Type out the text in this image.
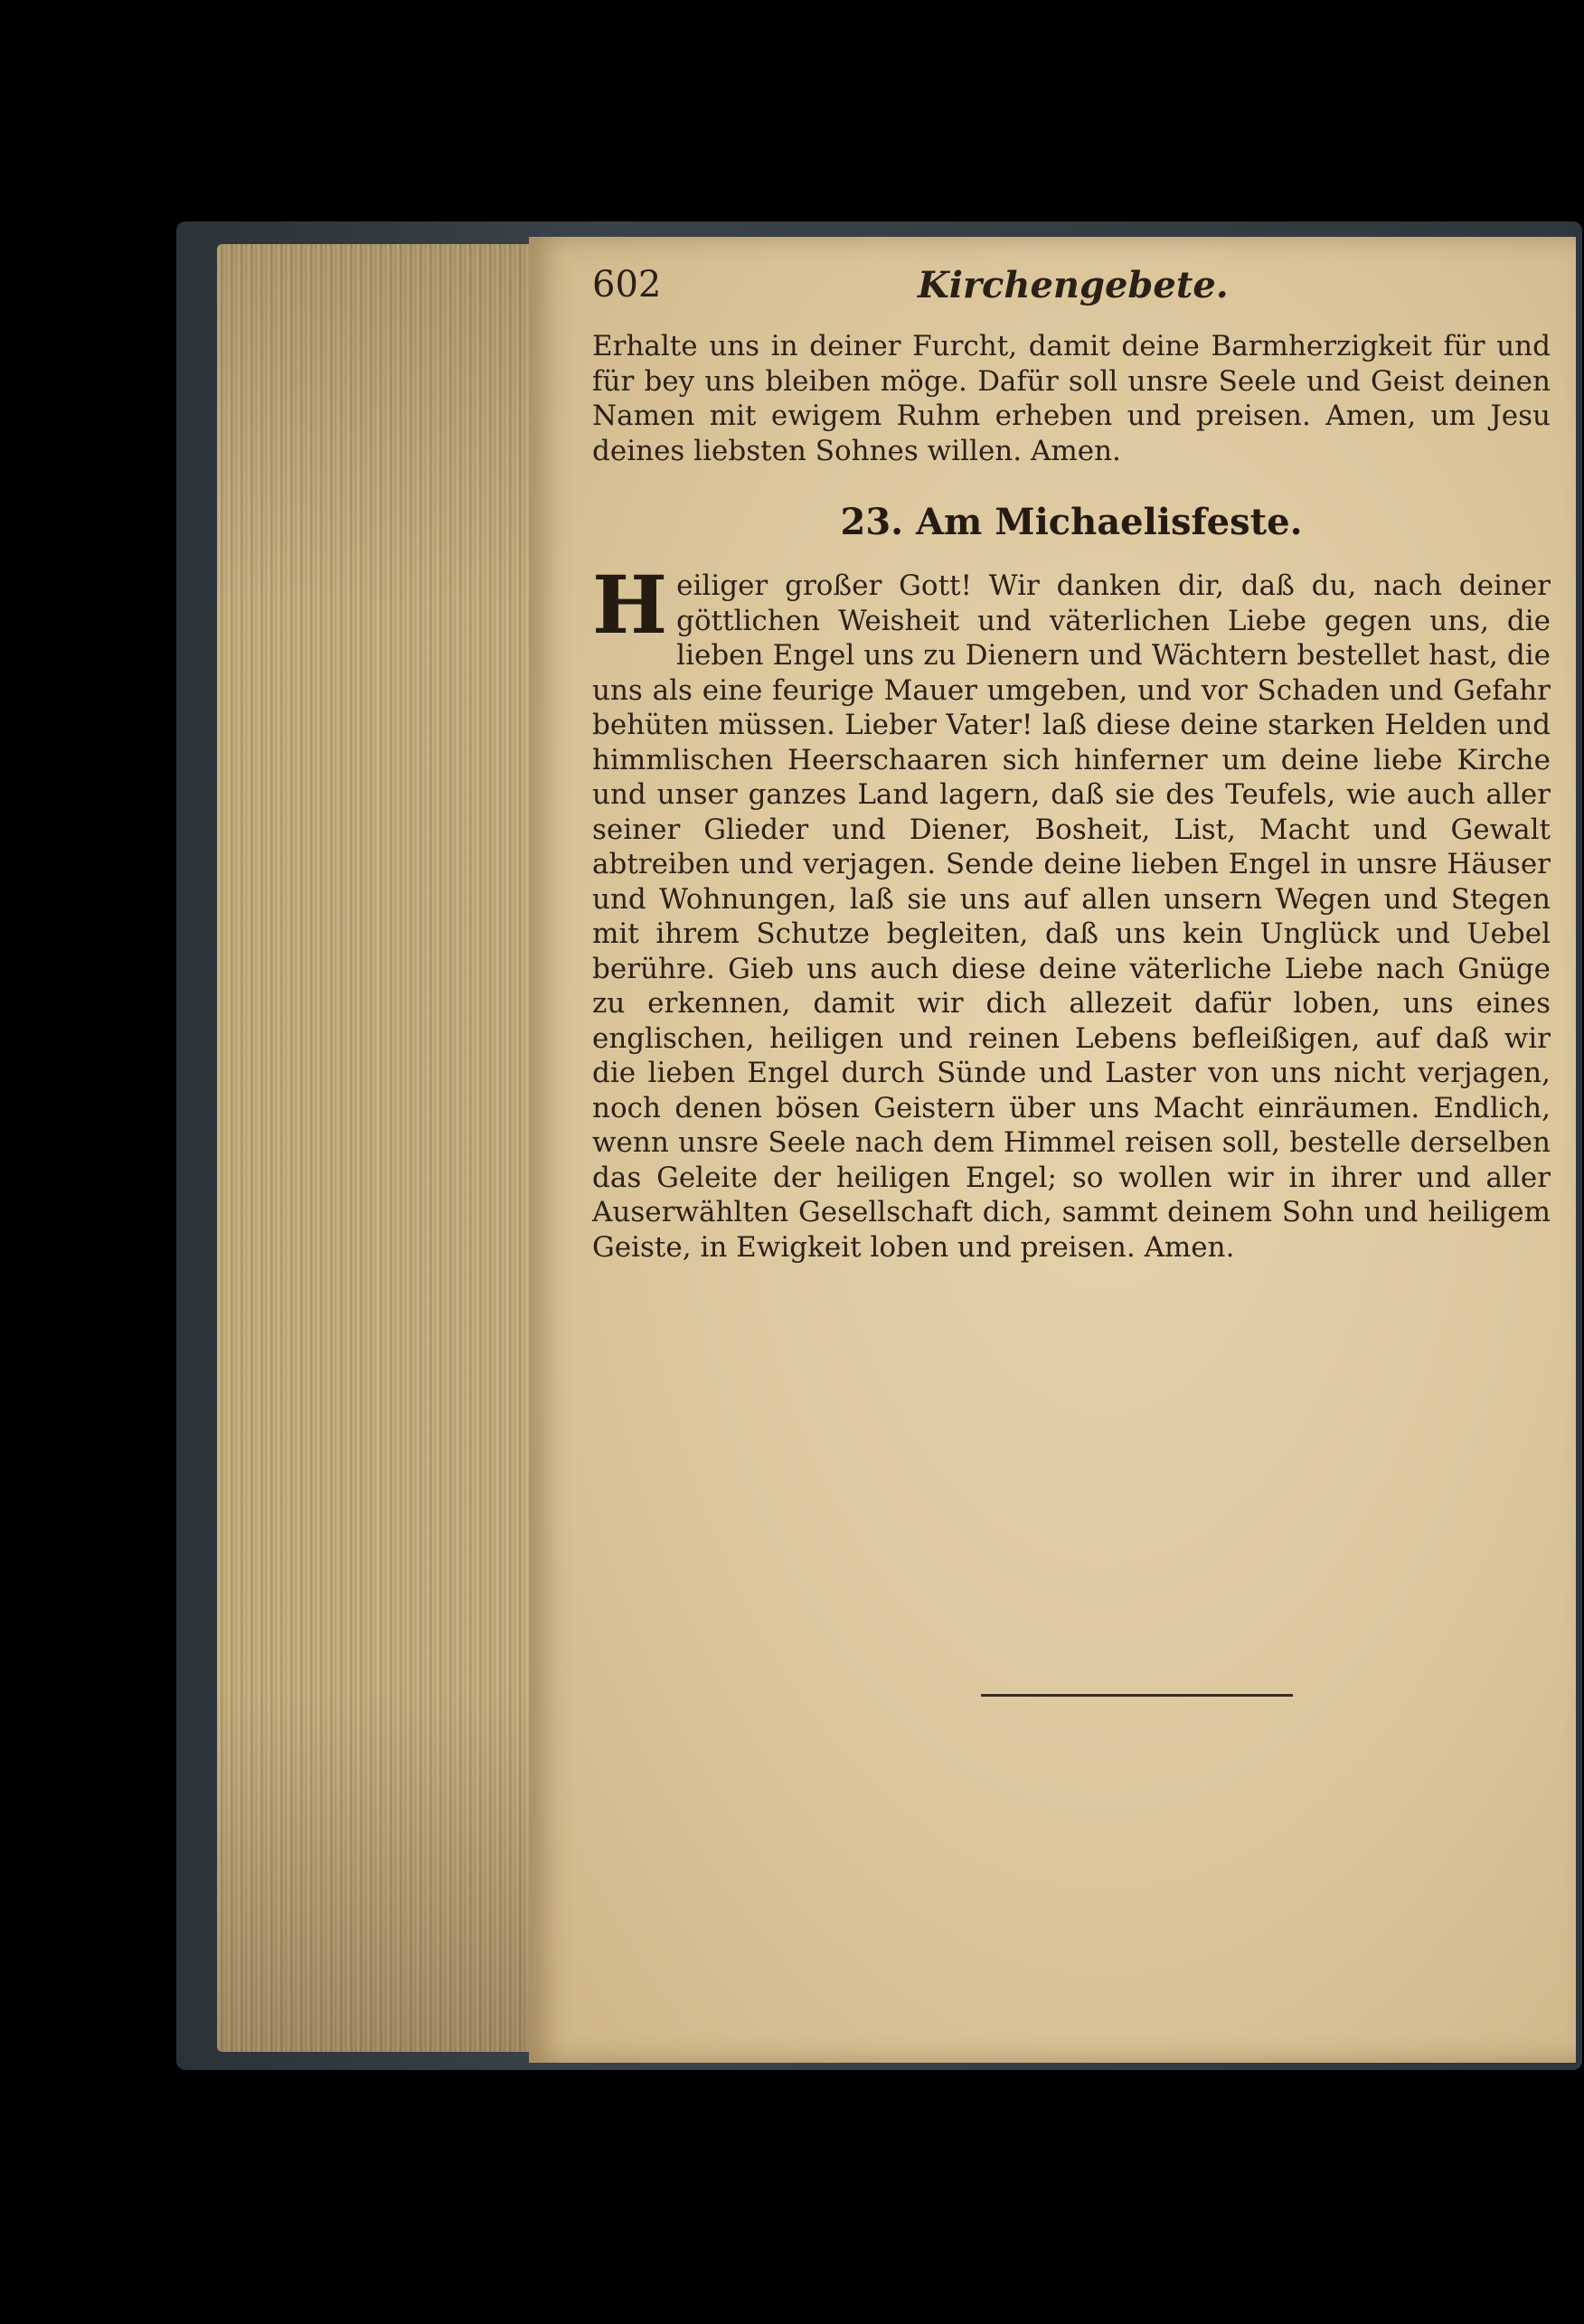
602	Kirchengebete.

Erhalte uns in deiner Furcht, damit deine Barmherzigkeit für und für bey uns bleiben möge. Dafür soll unsre Seele und Geist deinen Namen mit ewigem Ruhm erheben und preisen. Amen, um Jesu deines liebsten Sohnes willen. Amen.

23. Am Michaelisfeste.

Heiliger großer Gott! Wir danken dir, daß du, nach deiner göttlichen Weisheit und väterlichen Liebe gegen uns, die lieben Engel uns zu Dienern und Wächtern bestellet hast, die uns als eine feurige Mauer umgeben, und vor Schaden und Gefahr behüten müssen. Lieber Vater! laß diese deine starken Helden und himmlischen Heerschaaren sich hinferner um deine liebe Kirche und unser ganzes Land lagern, daß sie des Teufels, wie auch aller seiner Glieder und Diener, Bosheit, List, Macht und Gewalt abtreiben und verjagen. Sende deine lieben Engel in unsre Häuser und Wohnungen, laß sie uns auf allen unsern Wegen und Stegen mit ihrem Schutze begleiten, daß uns kein Unglück und Uebel berühre. Gieb uns auch diese deine väterliche Liebe nach Gnüge zu erkennen, damit wir dich allezeit dafür loben, uns eines englischen, heiligen und reinen Lebens befleißigen, auf daß wir die lieben Engel durch Sünde und Laster von uns nicht verjagen, noch denen bösen Geistern über uns Macht einräumen. Endlich, wenn unsre Seele nach dem Himmel reisen soll, bestelle derselben das Geleite der heiligen Engel; so wollen wir in ihrer und aller Auserwählten Gesellschaft dich, sammt deinem Sohn und heiligem Geiste, in Ewigkeit loben und preisen. Amen.
